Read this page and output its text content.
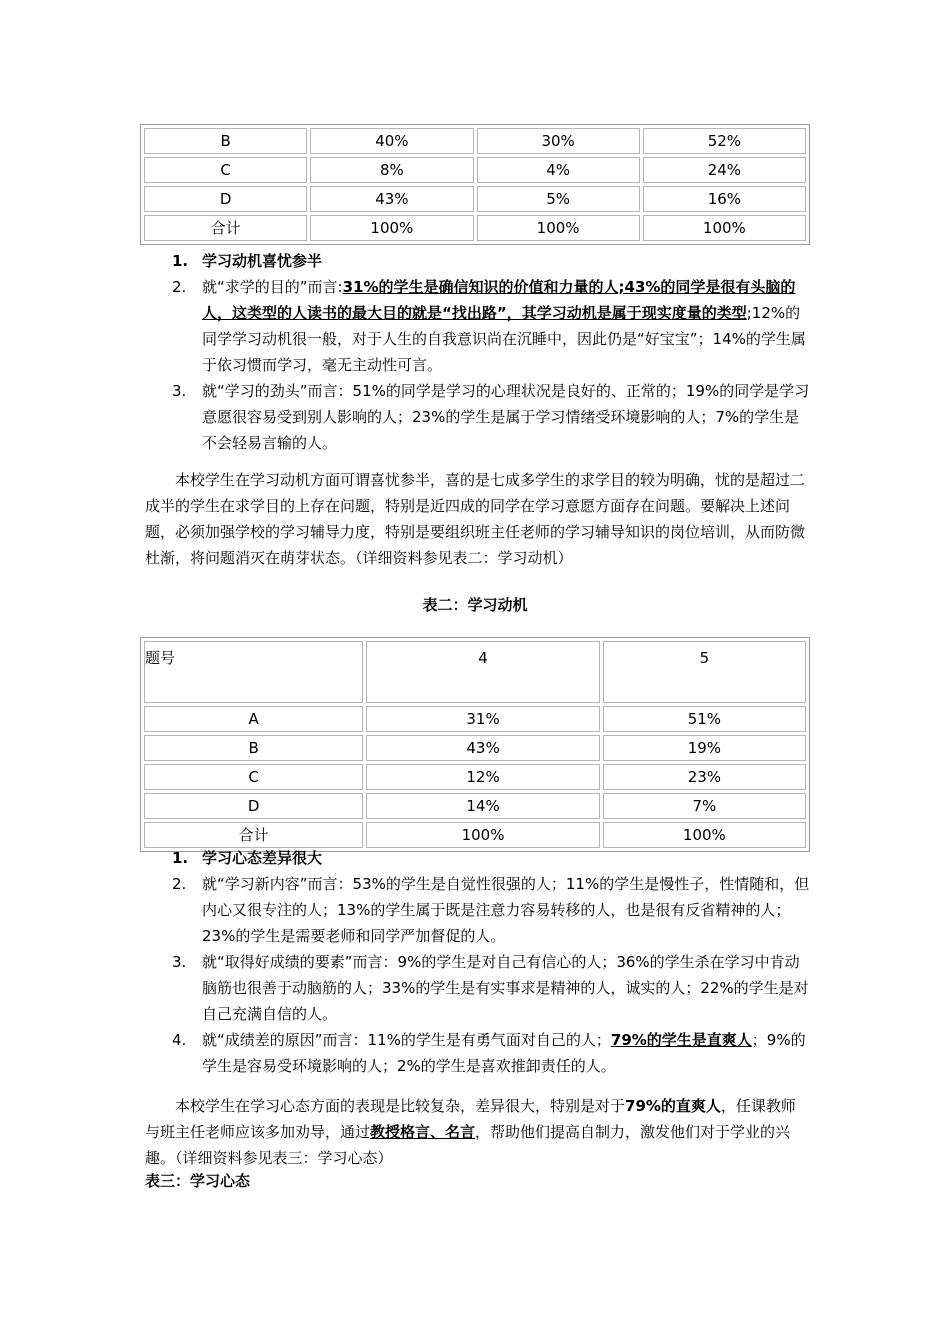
B	40%	30%	52%
C	8%	4%	24%
D	43%	5%	16%
合计	100%	100%	100%
1. 学习动机喜忧参半
2. 就“求学的目的”而言:31%的学生是确信知识的价值和力量的人;43%的同学是很有头脑的人，这类型的人读书的最大目的就是“找出路”，其学习动机是属于现实度量的类型;12%的同学学习动机很一般，对于人生的自我意识尚在沉睡中，因此仍是“好宝宝”；14%的学生属于依习惯而学习，毫无主动性可言。
3. 就“学习的劲头”而言：51%的同学是学习的心理状况是良好的、正常的；19%的同学是学习意愿很容易受到别人影响的人；23%的学生是属于学习情绪受环境影响的人；7%的学生是不会轻易言输的人。
本校学生在学习动机方面可谓喜忧参半，喜的是七成多学生的求学目的较为明确，忧的是超过二成半的学生在求学目的上存在问题，特别是近四成的同学在学习意愿方面存在问题。要解决上述问题，必须加强学校的学习辅导力度，特别是要组织班主任老师的学习辅导知识的岗位培训，从而防微杜渐，将问题消灭在萌芽状态。（详细资料参见表二：学习动机）
表二：学习动机
题号	4	5
A	31%	51%
B	43%	19%
C	12%	23%
D	14%	7%
合计	100%	100%
1. 学习心态差异很大
2. 就“学习新内容”而言：53%的学生是自觉性很强的人；11%的学生是慢性子，性情随和，但内心又很专注的人；13%的学生属于既是注意力容易转移的人，也是很有反省精神的人；23%的学生是需要老师和同学严加督促的人。
3. 就“取得好成绩的要素”而言：9%的学生是对自己有信心的人；36%的学生杀在学习中肯动脑筋也很善于动脑筋的人；33%的学生是有实事求是精神的人，诚实的人；22%的学生是对自己充满自信的人。
4. 就“成绩差的原因”而言：11%的学生是有勇气面对自己的人；79%的学生是直爽人；9%的学生是容易受环境影响的人；2%的学生是喜欢推卸责任的人。
本校学生在学习心态方面的表现是比较复杂，差异很大，特别是对于79%的直爽人，任课教师与班主任老师应该多加劝导，通过教授格言、名言，帮助他们提高自制力，激发他们对于学业的兴趣。（详细资料参见表三：学习心态）
表三：学习心态
